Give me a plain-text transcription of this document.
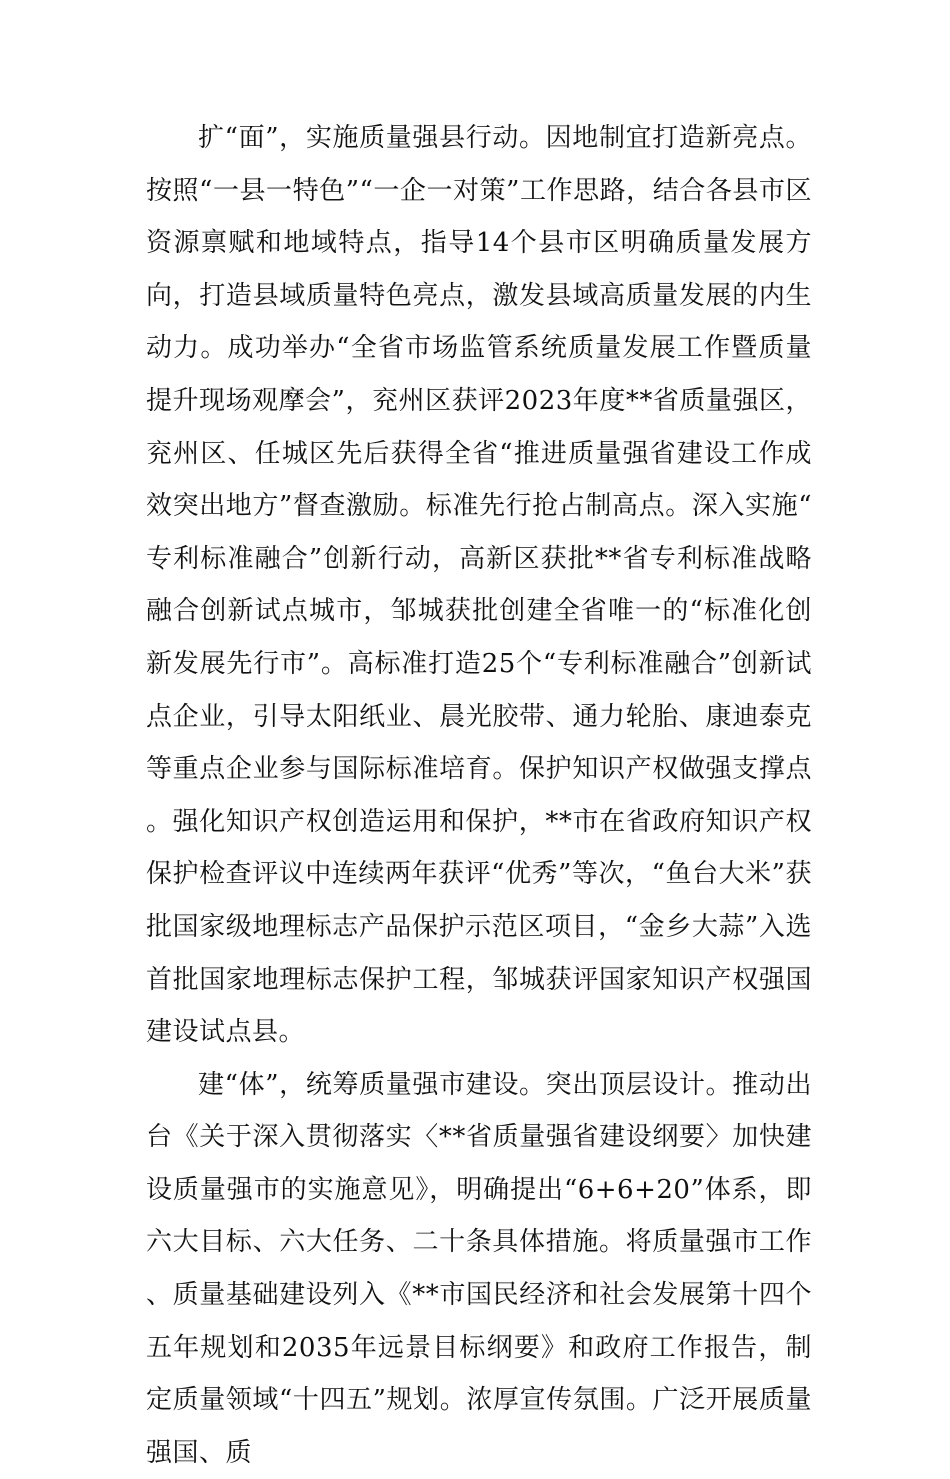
扩“面”，实施质量强县行动。因地制宜打造新亮点。按照“一县一特色”“一企一对策”工作思路，结合各县市区资源禀赋和地域特点，指导14个县市区明确质量发展方向，打造县域质量特色亮点，激发县域高质量发展的内生动力。成功举办“全省市场监管系统质量发展工作暨质量提升现场观摩会”，兖州区获评2023年度**省质量强区，兖州区、任城区先后获得全省“推进质量强省建设工作成效突出地方”督查激励。标准先行抢占制高点。深入实施“专利标准融合”创新行动，高新区获批**省专利标准战略融合创新试点城市，邹城获批创建全省唯一的“标准化创新发展先行市”。高标准打造25个“专利标准融合”创新试点企业，引导太阳纸业、晨光胶带、通力轮胎、康迪泰克等重点企业参与国际标准培育。保护知识产权做强支撑点。强化知识产权创造运用和保护，**市在省政府知识产权保护检查评议中连续两年获评“优秀”等次，“鱼台大米”获批国家级地理标志产品保护示范区项目，“金乡大蒜”入选首批国家地理标志保护工程，邹城获评国家知识产权强国建设试点县。

建“体”，统筹质量强市建设。突出顶层设计。推动出台《关于深入贯彻落实〈**省质量强省建设纲要〉加快建设质量强市的实施意见》，明确提出“6+6+20”体系，即六大目标、六大任务、二十条具体措施。将质量强市工作、质量基础建设列入《**市国民经济和社会发展第十四个五年规划和2035年远景目标纲要》和政府工作报告，制定质量领域“十四五”规划。浓厚宣传氛围。广泛开展质量强国、质
